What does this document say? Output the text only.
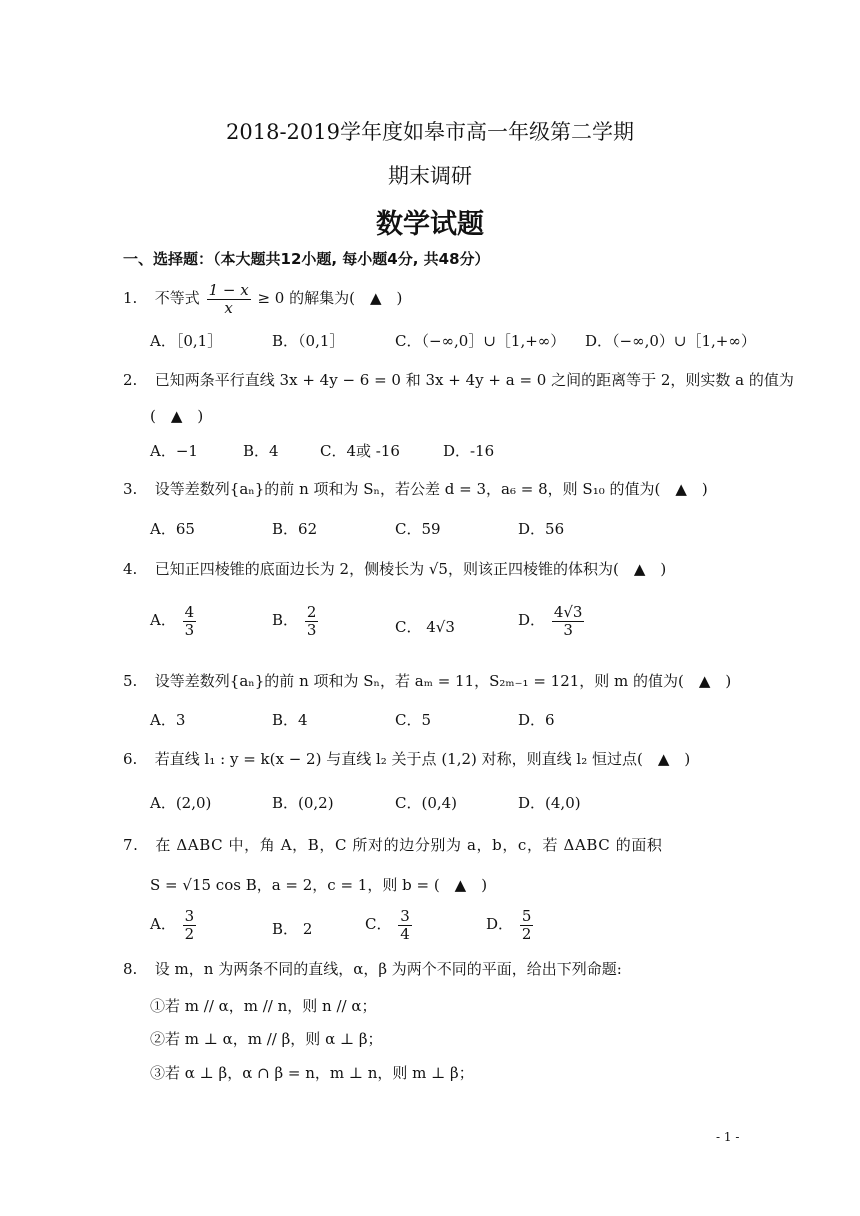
2018-2019学年度如皋市高一年级第二学期
期末调研
数学试题
一、选择题：（本大题共12小题, 每小题4分, 共48分）
1. 不等式 $\frac{1 - x}{x} \ge 0$ 的解集为(　▲　)
A．［0,1］	B．（0,1］	C．（−∞,0］∪［1,+∞） D．（−∞,0）∪［1,+∞）
2. 已知两条平行直线 3x + 4y − 6 = 0 和 3x + 4y + a = 0 之间的距离等于 2，则实数 a 的值为
(　▲　)
A．−1	B．4	C．4或 -16	D．-16
3. 设等差数列{aₙ}的前 n 项和为 Sₙ，若公差 d = 3，a₆ = 8，则 S₁₀ 的值为(　▲　)
A．65	B．62	C．59	D．56
4. 已知正四棱锥的底面边长为 2，侧棱长为 √5，则该正四棱锥的体积为(　▲　)
A． $\frac{4}{3}$	B． $\frac{2}{3}$	C． 4√3	D． $\frac{4√3}{3}$
5. 设等差数列{aₙ}的前 n 项和为 Sₙ，若 aₘ = 11，S₂ₘ₋₁ = 121，则 m 的值为(　▲　)
A．3	B．4	C．5	D．6
6. 若直线 l₁ : y = k(x − 2) 与直线 l₂ 关于点 (1,2) 对称，则直线 l₂ 恒过点(　▲　)
A．(2,0)	B．(0,2)	C．(0,4)	D．(4,0)
7. 在 ΔABC 中，角 A，B，C 所对的边分别为 a，b，c，若 ΔABC 的面积
S = √15 cos B，a = 2，c = 1，则 b = (　▲　)
A． $\frac{3}{2}$	B． 2	C． $\frac{3}{4}$	D． $\frac{5}{2}$
8. 设 m，n 为两条不同的直线，α，β 为两个不同的平面，给出下列命题:
①若 m // α，m // n，则 n // α；
②若 m ⊥ α，m // β，则 α ⊥ β；
③若 α ⊥ β，α ∩ β = n，m ⊥ n，则 m ⊥ β；
- 1 -
